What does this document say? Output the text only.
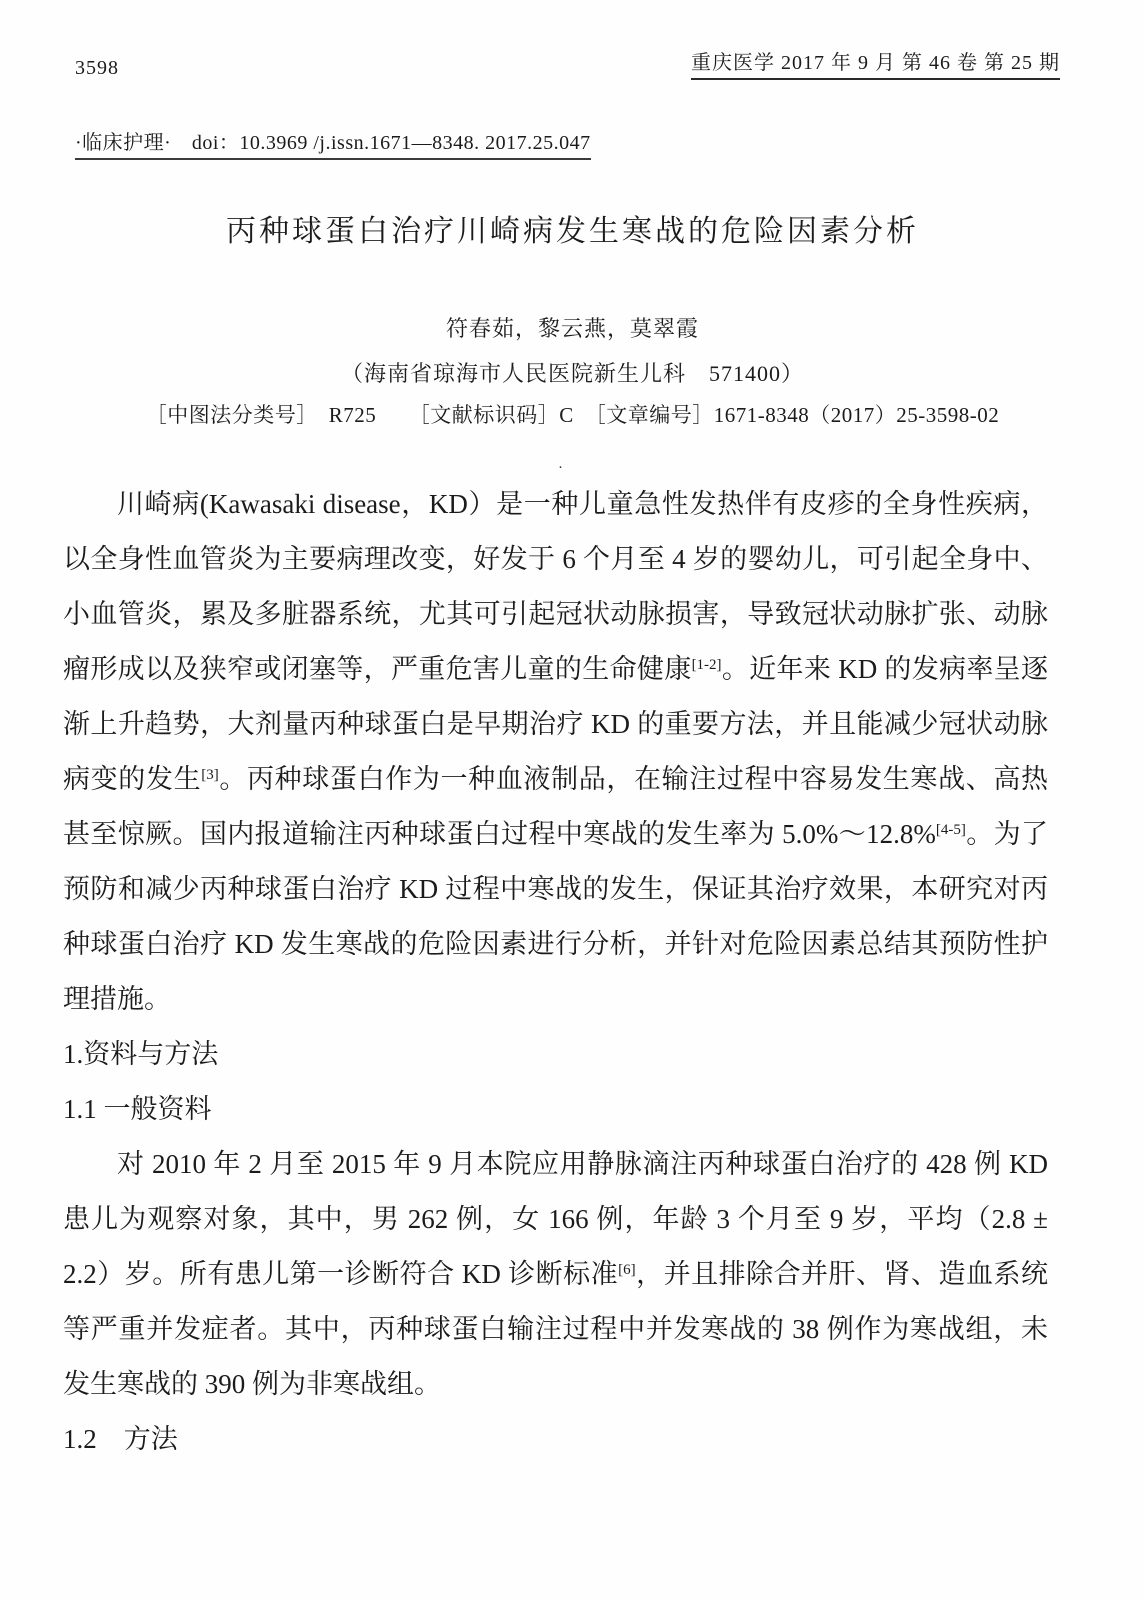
3598	重庆医学 2017 年 9 月 第 46 卷 第 25 期
·临床护理·　doi：10.3969 /j.issn.1671—8348. 2017.25.047
丙种球蛋白治疗川崎病发生寒战的危险因素分析
符春茹，黎云燕，莫翠霞
（海南省琼海市人民医院新生儿科　571400）
［中图法分类号］　R725　　［文献标识码］C　［文章编号］1671-8348（2017）25-3598-02
·

川崎病(Kawasaki disease，KD）是一种儿童急性发热伴有皮疹的全身性疾病，以全身性血管炎为主要病理改变，好发于 6 个月至 4 岁的婴幼儿，可引起全身中、小血管炎，累及多脏器系统，尤其可引起冠状动脉损害，导致冠状动脉扩张、动脉瘤形成以及狭窄或闭塞等，严重危害儿童的生命健康[1-2]。近年来 KD 的发病率呈逐渐上升趋势，大剂量丙种球蛋白是早期治疗 KD 的重要方法，并且能减少冠状动脉病变的发生[3]。丙种球蛋白作为一种血液制品，在输注过程中容易发生寒战、高热甚至惊厥。国内报道输注丙种球蛋白过程中寒战的发生率为 5.0%～12.8%[4-5]。为了预防和减少丙种球蛋白治疗 KD 过程中寒战的发生，保证其治疗效果，本研究对丙种球蛋白治疗 KD 发生寒战的危险因素进行分析，并针对危险因素总结其预防性护理措施。

1.资料与方法

1.1 一般资料

对 2010 年 2 月至 2015 年 9 月本院应用静脉滴注丙种球蛋白治疗的 428 例 KD 患儿为观察对象，其中，男 262 例，女 166 例，年龄 3 个月至 9 岁，平均（2.8 ± 2.2）岁。所有患儿第一诊断符合 KD 诊断标准[6]，并且排除合并肝、肾、造血系统等严重并发症者。其中，丙种球蛋白输注过程中并发寒战的 38 例作为寒战组，未发生寒战的 390 例为非寒战组。

1.2　方法
